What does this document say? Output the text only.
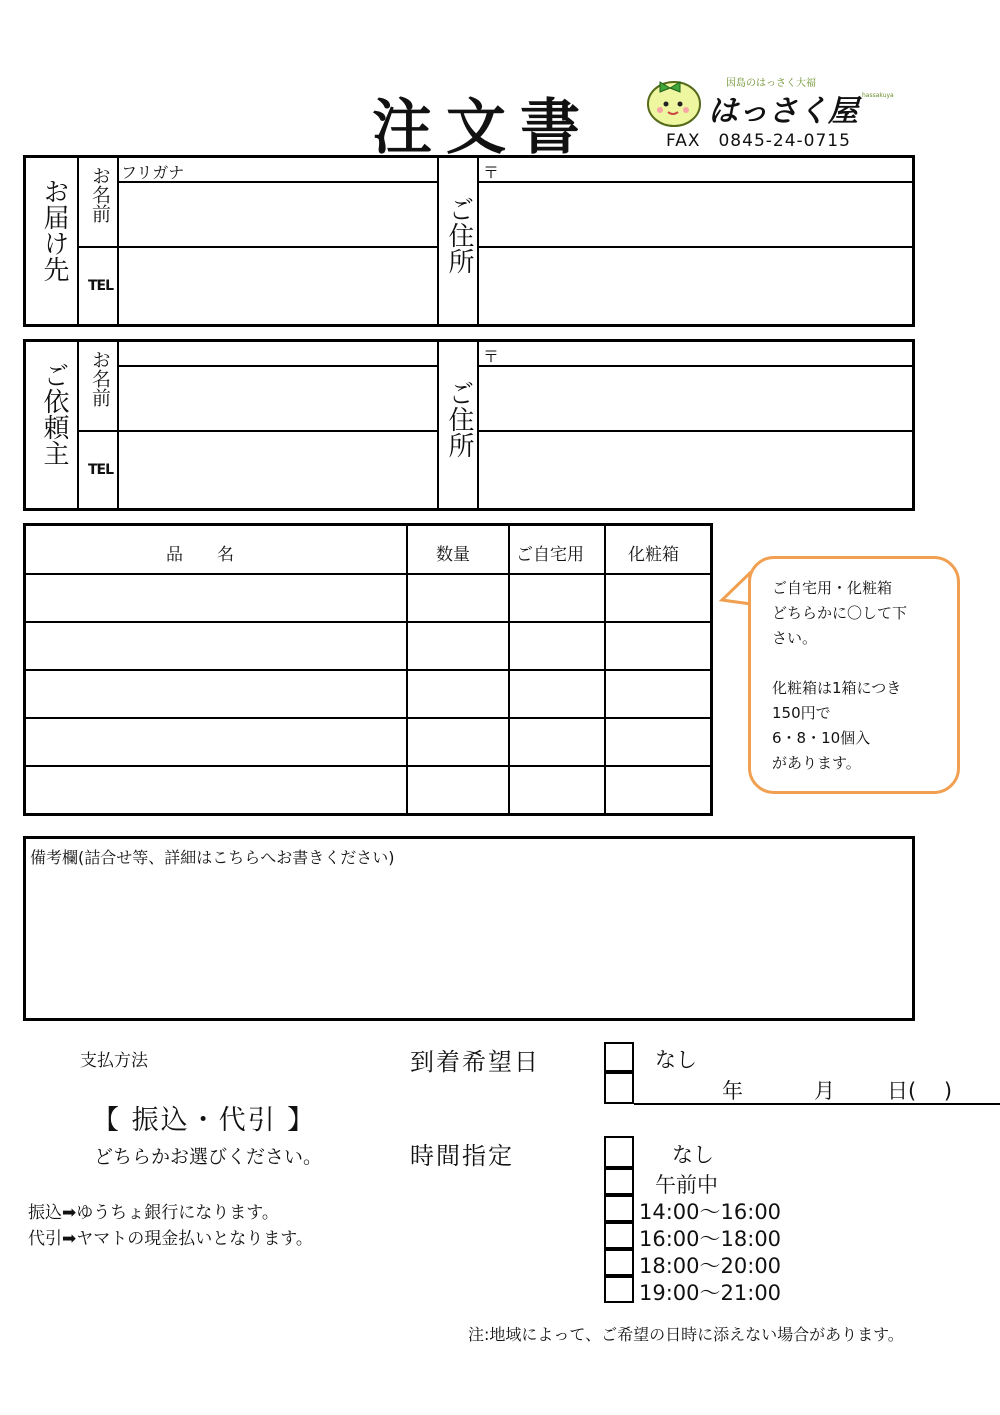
注文書
因島のはっさく大福
はっさく屋 hassakuya
FAX　0845-24-0715
お届け先 お名前 フリガナ
TEL
ご住所
〒
ご依頼主 お名前
TEL
ご住所
〒
品　　名	数量	ご自宅用	化粧箱
ご自宅用・化粧箱
どちらかに〇して下
さい。

化粧箱は1箱につき
150円で
6・8・10個入
があります。
備考欄(詰合せ等、詳細はこちらへお書きください)
支払方法
【 振込・代引 】
どちらかお選びください。
振込➡ゆうちょ銀行になります。
代引➡ヤマトの現金払いとなります。
到着希望日	なし
年	月 日(　 )
時間指定	なし
午前中
14:00～16:00
16:00～18:00
18:00～20:00
19:00～21:00
注:地域によって、ご希望の日時に添えない場合があります。
